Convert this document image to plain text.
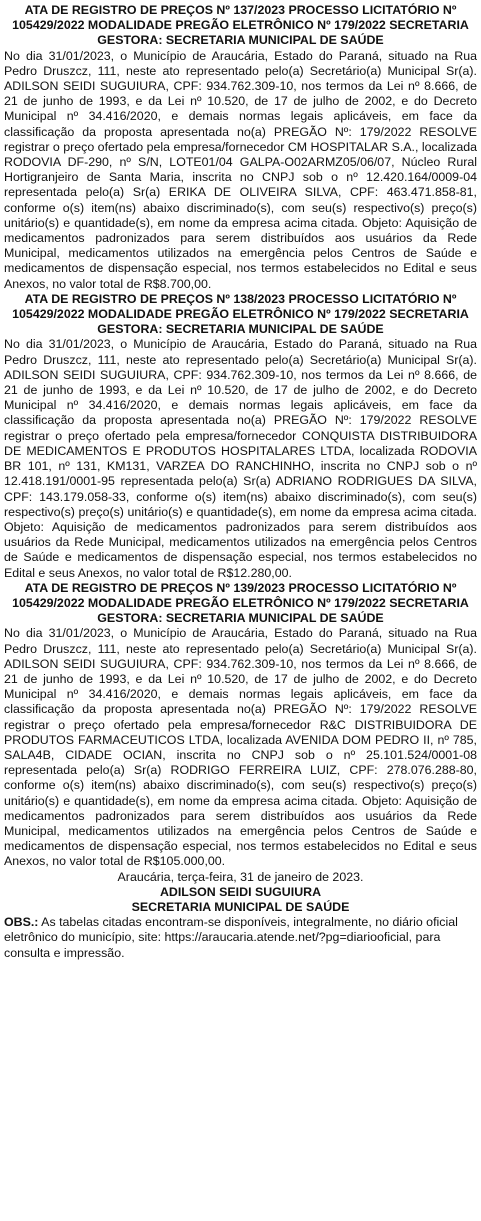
ATA DE REGISTRO DE PREÇOS Nº 137/2023 PROCESSO LICITATÓRIO Nº 105429/2022 MODALIDADE PREGÃO ELETRÔNICO Nº 179/2022 SECRETARIA GESTORA: SECRETARIA MUNICIPAL DE SAÚDE

No dia 31/01/2023, o Município de Araucária, Estado do Paraná, situado na Rua Pedro Druszcz, 111, neste ato representado pelo(a) Secretário(a) Municipal Sr(a). ADILSON SEIDI SUGUIURA, CPF: 934.762.309-10, nos termos da Lei nº 8.666, de 21 de junho de 1993, e da Lei nº 10.520, de 17 de julho de 2002, e do Decreto Municipal nº 34.416/2020, e demais normas legais aplicáveis, em face da classificação da proposta apresentada no(a) PREGÃO Nº: 179/2022 RESOLVE registrar o preço ofertado pela empresa/fornecedor CM HOSPITALAR S.A., localizada RODOVIA DF-290, nº S/N, LOTE01/04 GALPA-O02ARMZ05/06/07, Núcleo Rural Hortigranjeiro de Santa Maria, inscrita no CNPJ sob o nº 12.420.164/0009-04 representada pelo(a) Sr(a) ERIKA DE OLIVEIRA SILVA, CPF: 463.471.858-81, conforme o(s) item(ns) abaixo discriminado(s), com seu(s) respectivo(s) preço(s) unitário(s) e quantidade(s), em nome da empresa acima citada. Objeto: Aquisição de medicamentos padronizados para serem distribuídos aos usuários da Rede Municipal, medicamentos utilizados na emergência pelos Centros de Saúde e medicamentos de dispensação especial, nos termos estabelecidos no Edital e seus Anexos, no valor total de R$8.700,00.

ATA DE REGISTRO DE PREÇOS Nº 138/2023 PROCESSO LICITATÓRIO Nº 105429/2022 MODALIDADE PREGÃO ELETRÔNICO Nº 179/2022 SECRETARIA GESTORA: SECRETARIA MUNICIPAL DE SAÚDE

No dia 31/01/2023, o Município de Araucária, Estado do Paraná, situado na Rua Pedro Druszcz, 111, neste ato representado pelo(a) Secretário(a) Municipal Sr(a). ADILSON SEIDI SUGUIURA, CPF: 934.762.309-10, nos termos da Lei nº 8.666, de 21 de junho de 1993, e da Lei nº 10.520, de 17 de julho de 2002, e do Decreto Municipal nº 34.416/2020, e demais normas legais aplicáveis, em face da classificação da proposta apresentada no(a) PREGÃO Nº: 179/2022 RESOLVE registrar o preço ofertado pela empresa/fornecedor CONQUISTA DISTRIBUIDORA DE MEDICAMENTOS E PRODUTOS HOSPITALARES LTDA, localizada RODOVIA BR 101, nº 131, KM131, VARZEA DO RANCHINHO, inscrita no CNPJ sob o nº 12.418.191/0001-95 representada pelo(a) Sr(a) ADRIANO RODRIGUES DA SILVA, CPF: 143.179.058-33, conforme o(s) item(ns) abaixo discriminado(s), com seu(s) respectivo(s) preço(s) unitário(s) e quantidade(s), em nome da empresa acima citada. Objeto: Aquisição de medicamentos padronizados para serem distribuídos aos usuários da Rede Municipal, medicamentos utilizados na emergência pelos Centros de Saúde e medicamentos de dispensação especial, nos termos estabelecidos no Edital e seus Anexos, no valor total de R$12.280,00.

ATA DE REGISTRO DE PREÇOS Nº 139/2023 PROCESSO LICITATÓRIO Nº 105429/2022 MODALIDADE PREGÃO ELETRÔNICO Nº 179/2022 SECRETARIA GESTORA: SECRETARIA MUNICIPAL DE SAÚDE

No dia 31/01/2023, o Município de Araucária, Estado do Paraná, situado na Rua Pedro Druszcz, 111, neste ato representado pelo(a) Secretário(a) Municipal Sr(a). ADILSON SEIDI SUGUIURA, CPF: 934.762.309-10, nos termos da Lei nº 8.666, de 21 de junho de 1993, e da Lei nº 10.520, de 17 de julho de 2002, e do Decreto Municipal nº 34.416/2020, e demais normas legais aplicáveis, em face da classificação da proposta apresentada no(a) PREGÃO Nº: 179/2022 RESOLVE registrar o preço ofertado pela empresa/fornecedor R&C DISTRIBUIDORA DE PRODUTOS FARMACEUTICOS LTDA, localizada AVENIDA DOM PEDRO II, nº 785, SALA4B, CIDADE OCIAN, inscrita no CNPJ sob o nº 25.101.524/0001-08 representada pelo(a) Sr(a) RODRIGO FERREIRA LUIZ, CPF: 278.076.288-80, conforme o(s) item(ns) abaixo discriminado(s), com seu(s) respectivo(s) preço(s) unitário(s) e quantidade(s), em nome da empresa acima citada. Objeto: Aquisição de medicamentos padronizados para serem distribuídos aos usuários da Rede Municipal, medicamentos utilizados na emergência pelos Centros de Saúde e medicamentos de dispensação especial, nos termos estabelecidos no Edital e seus Anexos, no valor total de R$105.000,00.

Araucária, terça-feira, 31 de janeiro de 2023.

ADILSON SEIDI SUGUIURA

SECRETARIA MUNICIPAL DE SAÚDE

OBS.: As tabelas citadas encontram-se disponíveis, integralmente, no diário oficial eletrônico do município, site: https://araucaria.atende.net/?pg=diariooficial, para consulta e impressão.
